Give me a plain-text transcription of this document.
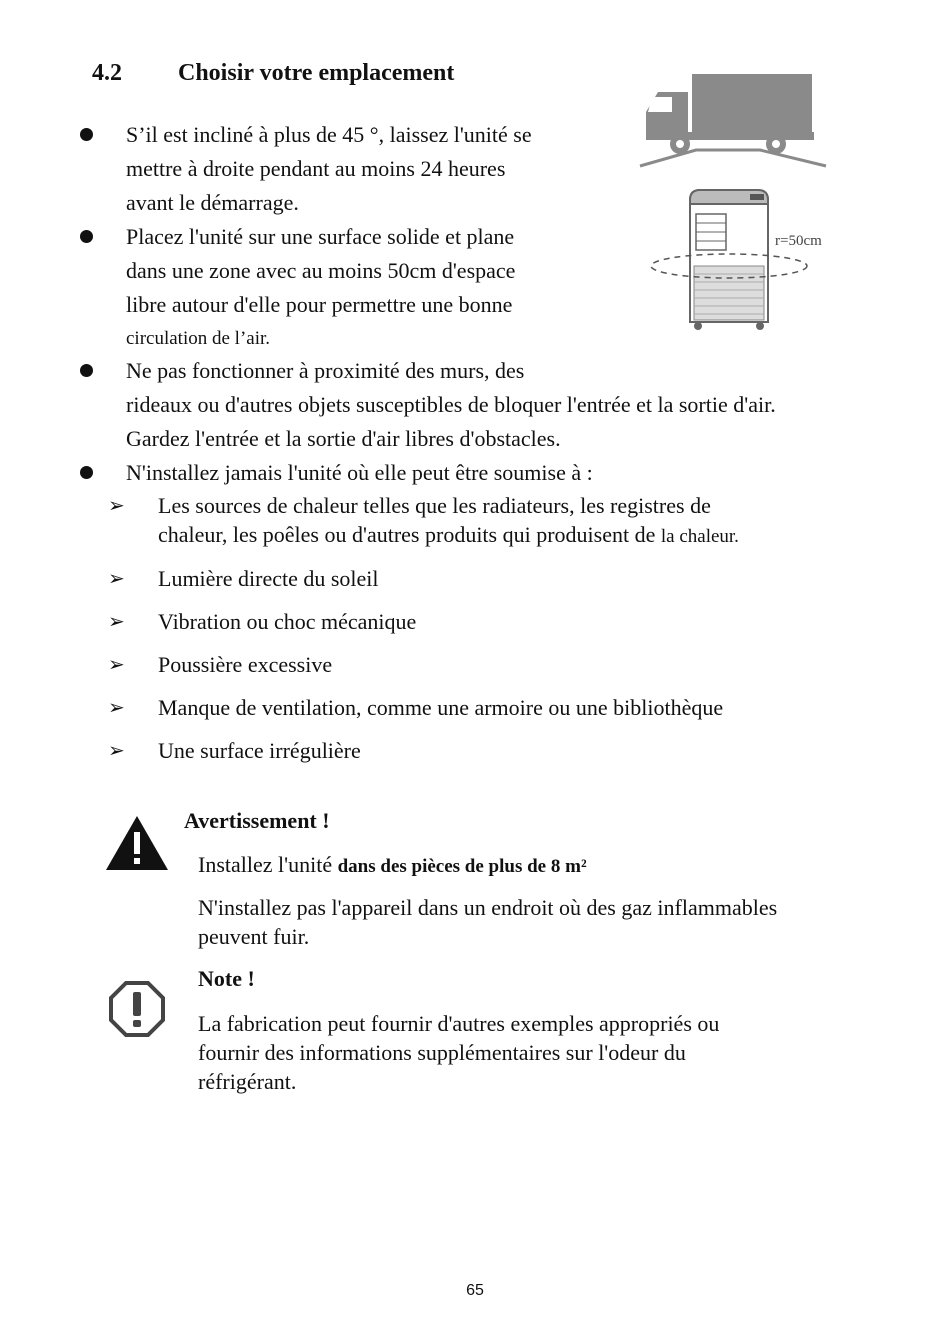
4.2 Choisir votre emplacement
r=50cm
S’il est incliné à plus de 45 °, laissez l'unité se
mettre à droite pendant au moins 24 heures
avant le démarrage.
Placez l'unité sur une surface solide et plane
dans une zone avec au moins 50cm d'espace
libre autour d'elle pour permettre une bonne
circulation de l’air.
Ne pas fonctionner à proximité des murs, des
rideaux ou d'autres objets susceptibles de bloquer l'entrée et la sortie d'air.
Gardez l'entrée et la sortie d'air libres d'obstacles.
N'installez jamais l'unité où elle peut être soumise à :
➢ Les sources de chaleur telles que les radiateurs, les registres de
chaleur, les poêles ou d'autres produits qui produisent de la chaleur.
➢ Lumière directe du soleil
➢ Vibration ou choc mécanique
➢ Poussière excessive
➢ Manque de ventilation, comme une armoire ou une bibliothèque
➢ Une surface irrégulière
Avertissement !
Installez l'unité dans des pièces de plus de 8 m²
N'installez pas l'appareil dans un endroit où des gaz inflammables
peuvent fuir.
Note !
La fabrication peut fournir d'autres exemples appropriés ou
fournir des informations supplémentaires sur l'odeur du
réfrigérant.
65
